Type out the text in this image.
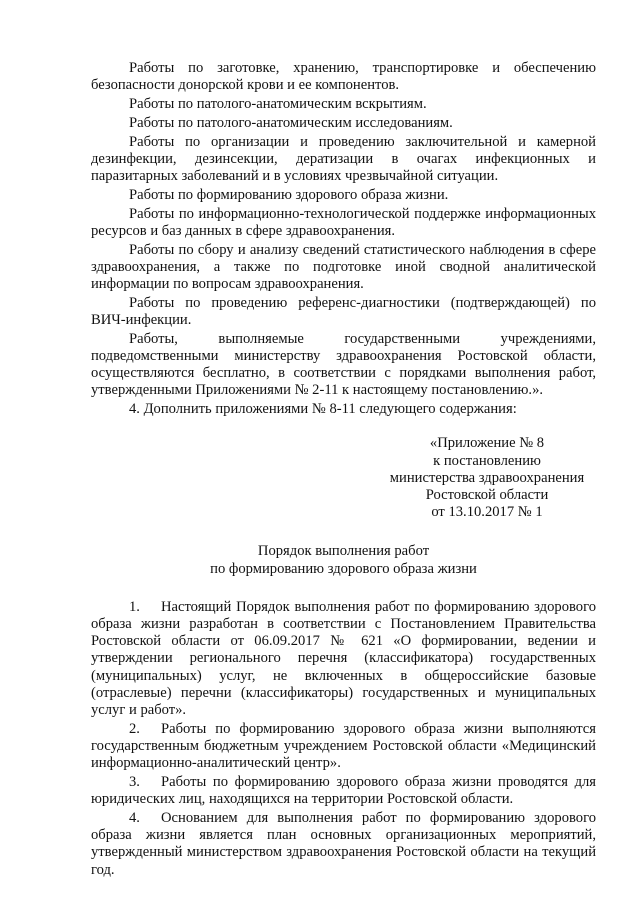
Работы по заготовке, хранению, транспортировке и обеспечению безопасности донорской крови и ее компонентов.

Работы по патолого-анатомическим вскрытиям.

Работы по патолого-анатомическим исследованиям.

Работы по организации и проведению заключительной и камерной дезинфекции, дезинсекции, дератизации в очагах инфекционных и паразитарных заболеваний и в условиях чрезвычайной ситуации.

Работы по формированию здорового образа жизни.

Работы по информационно-технологической поддержке информационных ресурсов и баз данных в сфере здравоохранения.

Работы по сбору и анализу сведений статистического наблюдения в сфере здравоохранения, а также по подготовке иной сводной аналитической информации по вопросам здравоохранения.

Работы по проведению референс-диагностики (подтверждающей) по ВИЧ-инфекции.

Работы, выполняемые государственными учреждениями, подведомственными министерству здравоохранения Ростовской области, осуществляются бесплатно, в соответствии с порядками выполнения работ, утвержденными Приложениями № 2-11 к настоящему постановлению.».

4. Дополнить приложениями № 8-11 следующего содержания:

«Приложение № 8
к постановлению
министерства здравоохранения
Ростовской области
от 13.10.2017 № 1
Порядок выполнения работ
по формированию здорового образа жизни

1. Настоящий Порядок выполнения работ по формированию здорового образа жизни разработан в соответствии с Постановлением Правительства Ростовской области от 06.09.2017 № 621 «О формировании, ведении и утверждении регионального перечня (классификатора) государственных (муниципальных) услуг, не включенных в общероссийские базовые (отраслевые) перечни (классификаторы) государственных и муниципальных услуг и работ».

2. Работы по формированию здорового образа жизни выполняются государственным бюджетным учреждением Ростовской области «Медицинский информационно-аналитический центр».

3. Работы по формированию здорового образа жизни проводятся для юридических лиц, находящихся на территории Ростовской области.

4. Основанием для выполнения работ по формированию здорового образа жизни является план основных организационных мероприятий, утвержденный министерством здравоохранения Ростовской области на текущий год.
